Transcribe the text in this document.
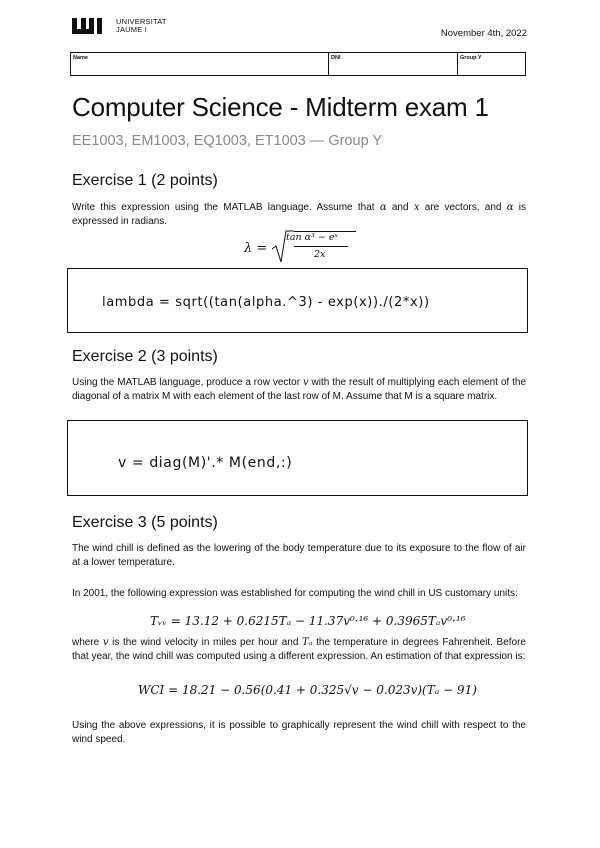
UNIVERSITAT
JAUME I	November 4th, 2022
Name	DNI	Group Y
Computer Science - Midterm exam 1
EE1003, EM1003, EQ1003, ET1003 — Group Y
Exercise 1 (2 points)

Write this expression using the MATLAB language. Assume that α and x are vectors, and α is expressed in radians.

λ =
tan α³ − eˣ
2x
lambda = sqrt((tan(alpha.^3) - exp(x))./(2*x))
Exercise 2 (3 points)

Using the MATLAB language, produce a row vector v with the result of multiplying each element of the diagonal of a matrix M with each element of the last row of M. Assume that M is a square matrix.

v = diag(M)'.* M(end,:)
Exercise 3 (5 points)

The wind chill is defined as the lowering of the body temperature due to its exposure to the flow of air at a lower temperature.

In 2001, the following expression was established for computing the wind chill in US customary units:

Tᵥᵥ = 13.12 + 0.6215Tₐ − 11.37v⁰·¹⁶ + 0.3965Tₐv⁰·¹⁶

where v is the wind velocity in miles per hour and Tₐ the temperature in degrees Fahrenheit. Before that year, the wind chill was computed using a different expression. An estimation of that expression is:

WCI = 18.21 − 0.56(0.41 + 0.325√v − 0.023v)(Tₐ − 91)

Using the above expressions, it is possible to graphically represent the wind chill with respect to the wind speed.
